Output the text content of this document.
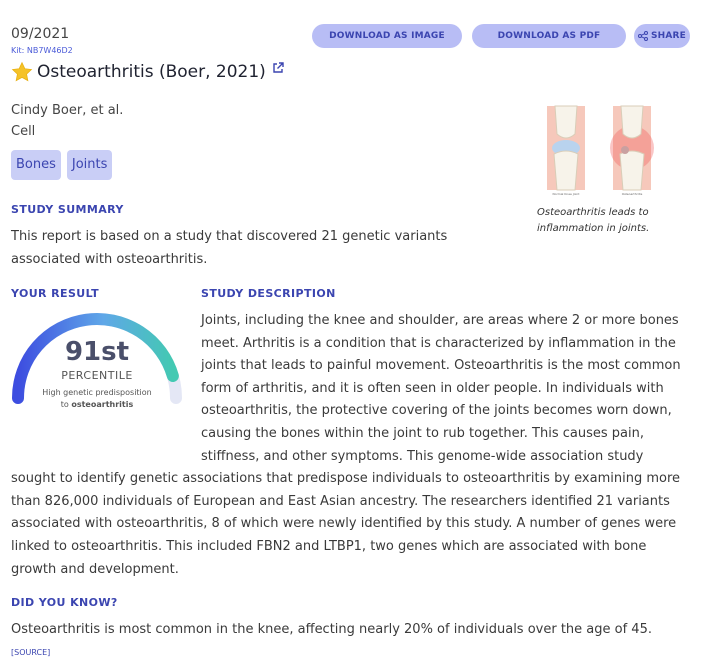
09/2021
Kit: NB7W46D2
Osteoarthritis (Boer, 2021)
DOWNLOAD AS IMAGE	DOWNLOAD AS PDF	SHARE
Cindy Boer, et al.
Cell
Bones	Joints
Normal Knee Joint	Osteoarthritis
Osteoarthritis leads to
inflammation in joints.
STUDY SUMMARY
This report is based on a study that discovered 21 genetic variants
associated with osteoarthritis.
YOUR RESULT
91st
PERCENTILE
High genetic predisposition
to osteoarthritis
STUDY DESCRIPTION
Joints, including the knee and shoulder, are areas where 2 or more bones meet. Arthritis is a condition that is characterized by inflammation in the joints that leads to painful movement. Osteoarthritis is the most common form of arthritis, and it is often seen in older people. In individuals with osteoarthritis, the protective covering of the joints becomes worn down, causing the bones within the joint to rub together. This causes pain, stiffness, and other symptoms. This genome-wide association study sought to identify genetic associations that predispose individuals to osteoarthritis by examining more than 826,000 individuals of European and East Asian ancestry. The researchers identified 21 variants associated with osteoarthritis, 8 of which were newly identified by this study. A number of genes were linked to osteoarthritis. This included FBN2 and LTBP1, two genes which are associated with bone growth and development.
DID YOU KNOW?
Osteoarthritis is most common in the knee, affecting nearly 20% of individuals over the age of 45.
[SOURCE]
